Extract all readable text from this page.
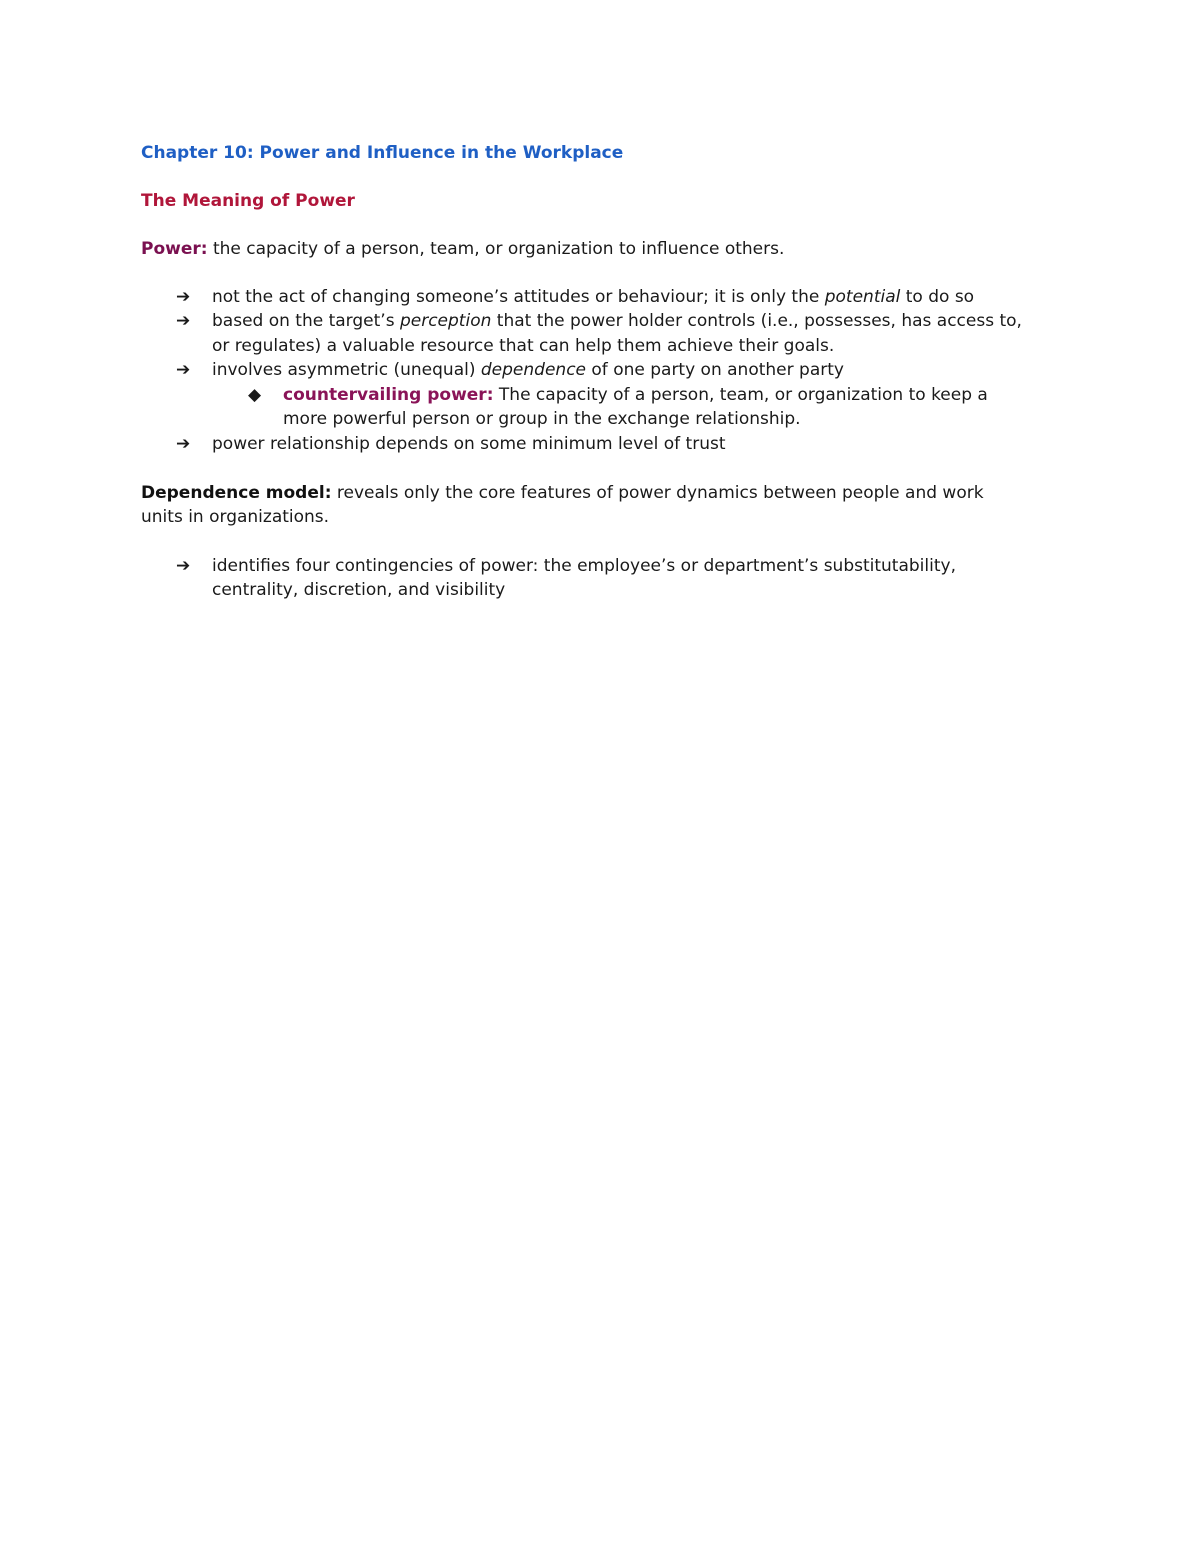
Chapter 10: Power and Influence in the Workplace
The Meaning of Power
Power: the capacity of a person, team, or organization to influence others.
➔	not the act of changing someone’s attitudes or behaviour; it is only the potential to do so
➔	based on the target’s perception that the power holder controls (i.e., possesses, has access to,
or regulates) a valuable resource that can help them achieve their goals.
➔	involves asymmetric (unequal) dependence of one party on another party
◆	countervailing power: The capacity of a person, team, or organization to keep a
more powerful person or group in the exchange relationship.
➔	power relationship depends on some minimum level of trust
Dependence model: reveals only the core features of power dynamics between people and work
units in organizations.
➔	identifies four contingencies of power: the employee’s or department’s substitutability,
centrality, discretion, and visibility
